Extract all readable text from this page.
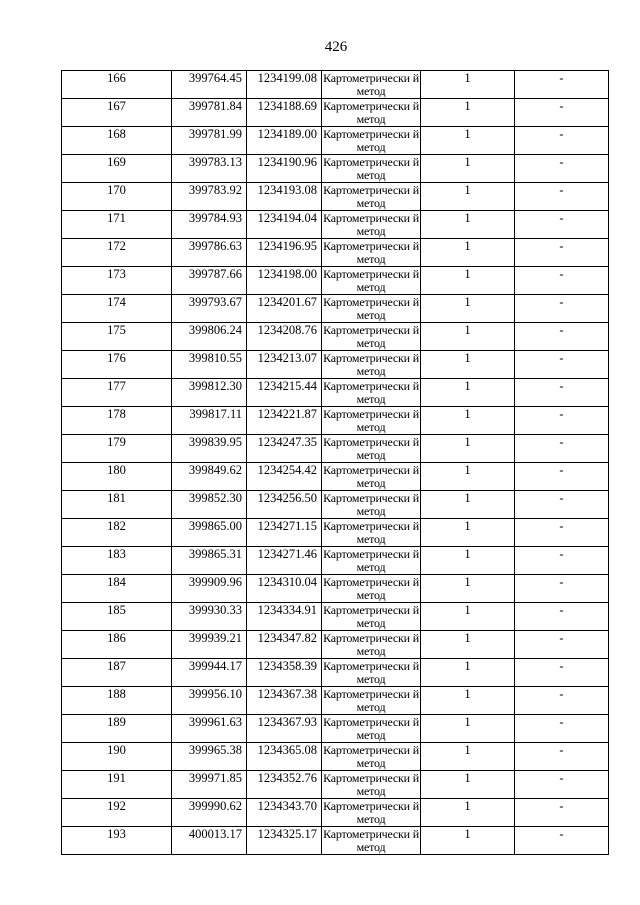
426
166	399764.45	1234199.08	Картометрически й метод	1	-

167	399781.84	1234188.69	Картометрически й метод	1	-

168	399781.99	1234189.00	Картометрически й метод	1	-

169	399783.13	1234190.96	Картометрически й метод	1	-

170	399783.92	1234193.08	Картометрически й метод	1	-

171	399784.93	1234194.04	Картометрически й метод	1	-

172	399786.63	1234196.95	Картометрически й метод	1	-

173	399787.66	1234198.00	Картометрически й метод	1	-

174	399793.67	1234201.67	Картометрически й метод	1	-

175	399806.24	1234208.76	Картометрически й метод	1	-

176	399810.55	1234213.07	Картометрически й метод	1	-

177	399812.30	1234215.44	Картометрически й метод	1	-

178	399817.11	1234221.87	Картометрически й метод	1	-

179	399839.95	1234247.35	Картометрически й метод	1	-

180	399849.62	1234254.42	Картометрически й метод	1	-

181	399852.30	1234256.50	Картометрически й метод	1	-

182	399865.00	1234271.15	Картометрически й метод	1	-

183	399865.31	1234271.46	Картометрически й метод	1	-

184	399909.96	1234310.04	Картометрически й метод	1	-

185	399930.33	1234334.91	Картометрически й метод	1	-

186	399939.21	1234347.82	Картометрически й метод	1	-

187	399944.17	1234358.39	Картометрически й метод	1	-

188	399956.10	1234367.38	Картометрически й метод	1	-

189	399961.63	1234367.93	Картометрически й метод	1	-

190	399965.38	1234365.08	Картометрически й метод	1	-

191	399971.85	1234352.76	Картометрически й метод	1	-

192	399990.62	1234343.70	Картометрически й метод	1	-

193	400013.17	1234325.17	Картометрически й метод	1	-
